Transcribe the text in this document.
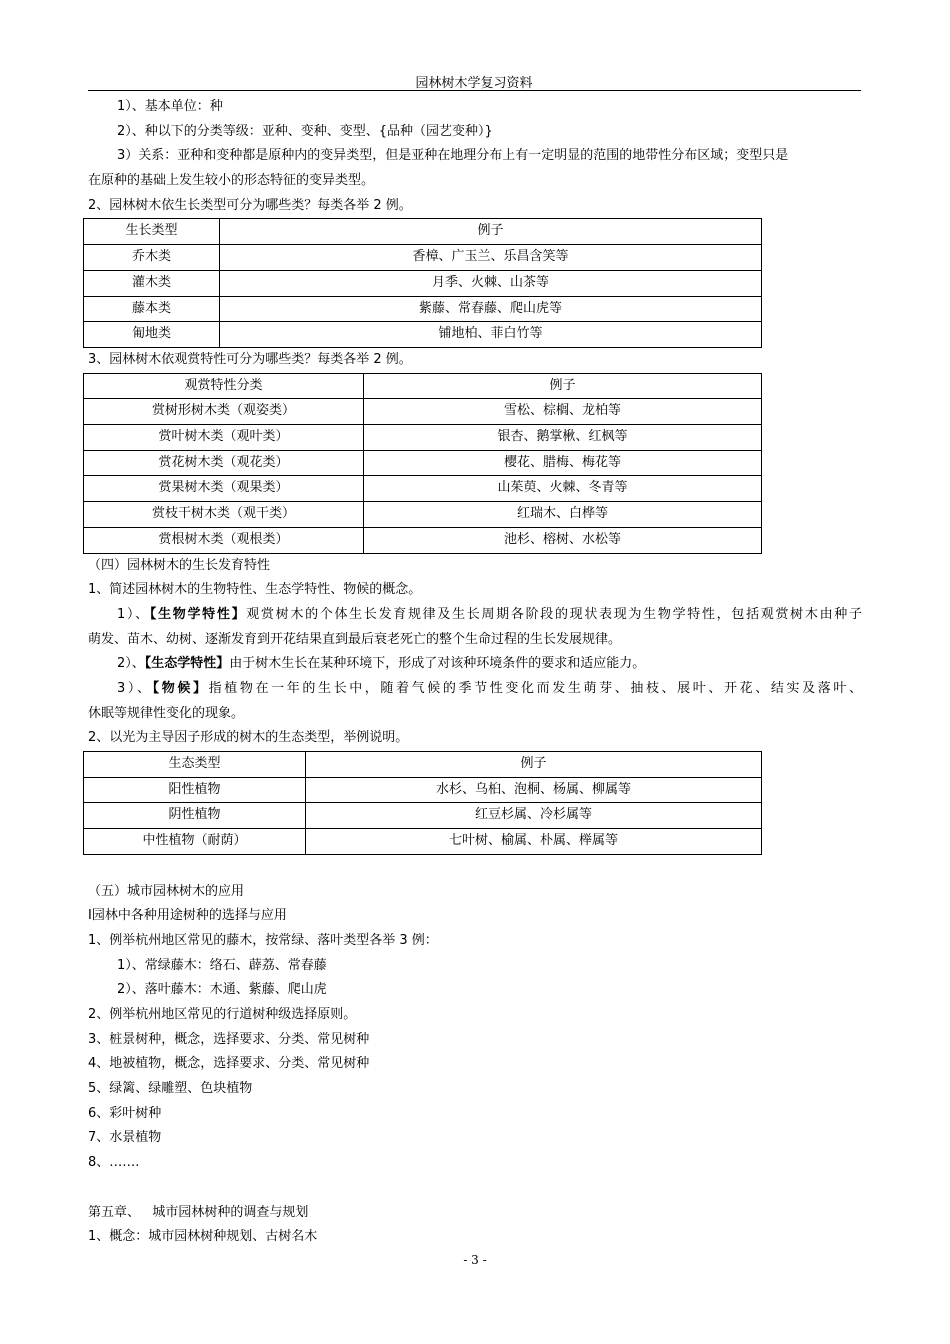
园林树木学复习资料
1）、基本单位：种
2）、种以下的分类等级：亚种、变种、变型、{品种（园艺变种）}
3）关系：亚种和变种都是原种内的变异类型，但是亚种在地理分布上有一定明显的范围的地带性分布区域；变型只是
在原种的基础上发生较小的形态特征的变异类型。
2、园林树木依生长类型可分为哪些类？每类各举 2 例。
生长类型	例子
乔木类	香樟、广玉兰、乐昌含笑等
灌木类	月季、火棘、山茶等
藤本类	紫藤、常春藤、爬山虎等
匍地类	铺地柏、菲白竹等
3、园林树木依观赏特性可分为哪些类？每类各举 2 例。
观赏特性分类	例子
赏树形树木类（观姿类）	雪松、棕榈、龙柏等
赏叶树木类（观叶类）	银杏、鹅掌楸、红枫等
赏花树木类（观花类）	樱花、腊梅、梅花等
赏果树木类（观果类）	山茱萸、火棘、冬青等
赏枝干树木类（观干类）	红瑞木、白桦等
赏根树木类（观根类）	池杉、榕树、水松等
（四）园林树木的生长发育特性
1、简述园林树木的生物特性、生态学特性、物候的概念。
1）、【生物学特性】观赏树木的个体生长发育规律及生长周期各阶段的现状表现为生物学特性，包括观赏树木由种子
萌发、苗木、幼树、逐渐发育到开花结果直到最后衰老死亡的整个生命过程的生长发展规律。
2）、【生态学特性】由于树木生长在某种环境下，形成了对该种环境条件的要求和适应能力。
3）、【物候】指植物在一年的生长中，随着气候的季节性变化而发生萌芽、抽枝、展叶、开花、结实及落叶、
休眠等规律性变化的现象。
2、以光为主导因子形成的树木的生态类型，举例说明。
生态类型	例子
阳性植物	水杉、乌桕、泡桐、杨属、柳属等
阴性植物	红豆杉属、冷杉属等
中性植物（耐荫）	七叶树、榆属、朴属、榉属等
（五）城市园林树木的应用
Ⅰ园林中各种用途树种的选择与应用
1、例举杭州地区常见的藤木，按常绿、落叶类型各举 3 例：
1）、常绿藤木：络石、薜荔、常春藤
2）、落叶藤木：木通、紫藤、爬山虎
2、例举杭州地区常见的行道树种级选择原则。
3、桩景树种，概念，选择要求、分类、常见树种
4、地被植物，概念，选择要求、分类、常见树种
5、绿篱、绿雕塑、色块植物
6、彩叶树种
7、水景植物
8、…….
第五章、   城市园林树种的调查与规划
1、概念：城市园林树种规划、古树名木
- 3 -
